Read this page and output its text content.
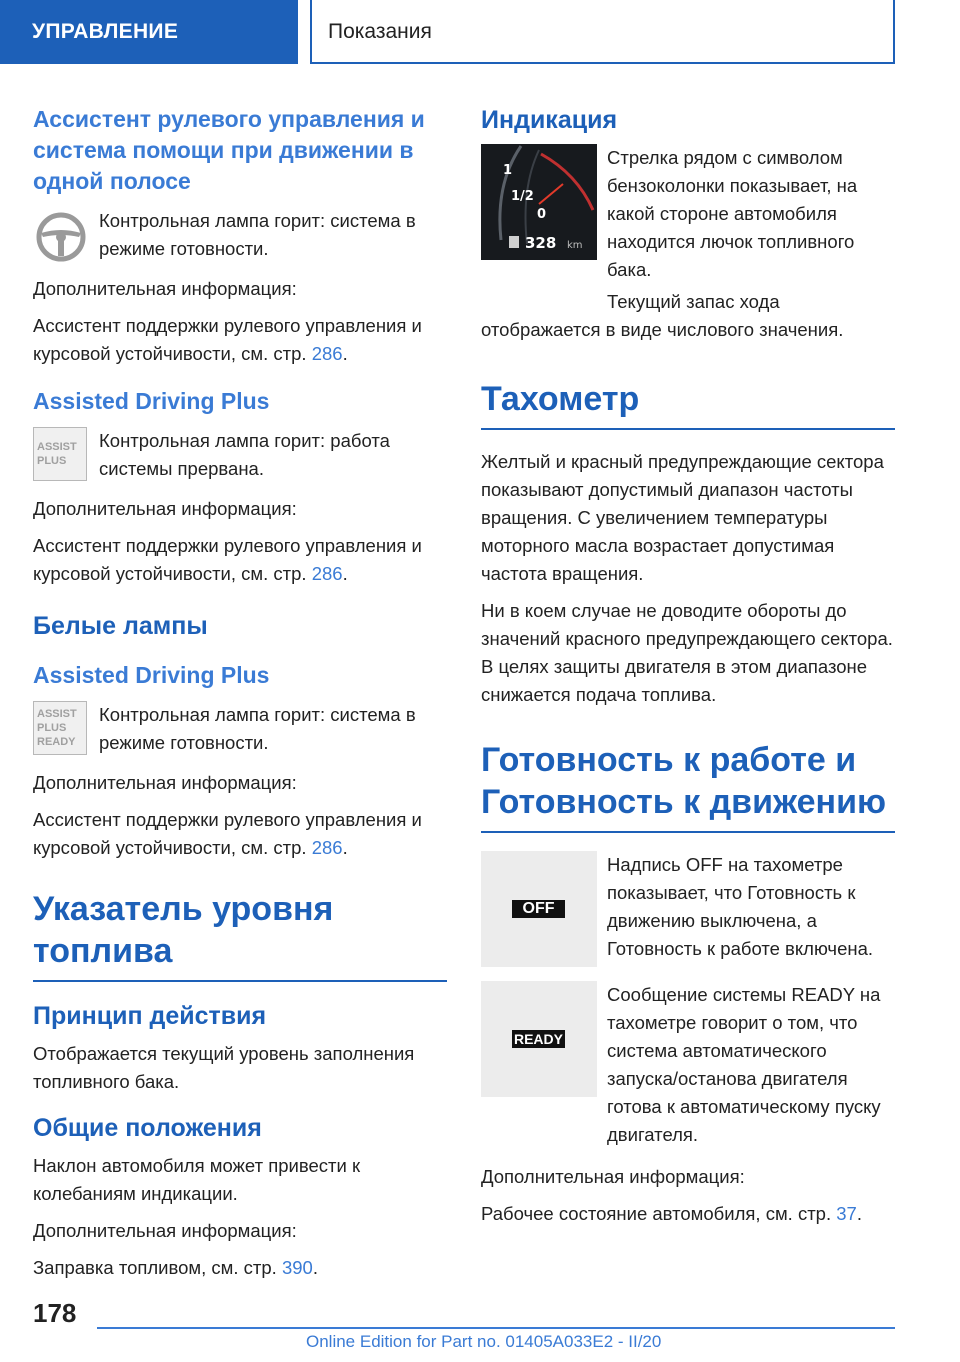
УПРАВЛЕНИЕ	Показания
Ассистент рулевого управления и система помощи при движении в одной полосе
Контрольная лампа горит: система в режиме готовности.

Дополнительная информация:

Ассистент поддержки рулевого управления и курсовой устойчивости, см. стр. 286.

Assisted Driving Plus
ASSIST
PLUS
Контрольная лампа горит: работа системы прервана.

Дополнительная информация:

Ассистент поддержки рулевого управления и курсовой устойчивости, см. стр. 286.

Белые лампы
Assisted Driving Plus
ASSIST
PLUS
READY
Контрольная лампа горит: система в режиме готовности.

Дополнительная информация:

Ассистент поддержки рулевого управления и курсовой устойчивости, см. стр. 286.

Указатель уровня топлива
Принцип действия

Отображается текущий уровень заполнения топливного бака.

Общие положения

Наклон автомобиля может привести к колебаниям индикации.

Дополнительная информация:

Заправка топливом, см. стр. 390.

Индикация
1
1/2
0
328 km
Стрелка рядом с символом бензоколонки показывает, на какой стороне автомобиля находится лючок топливного бака.

Текущий запас хода отображается в виде числового значения.

Тахометр

Желтый и красный предупреждающие сектора показывают допустимый диапазон частоты вращения. С увеличением температуры моторного масла возрастает допустимая частота вращения.

Ни в коем случае не доводите обороты до значений красного предупреждающего сектора. В целях защиты двигателя в этом диапазоне снижается подача топлива.

Готовность к работе и
Готовность к движению
OFF
Надпись OFF на тахометре показывает, что Готовность к движению выключена, а Готовность к работе включена.
READY
Сообщение системы READY на тахометре говорит о том, что система автоматического запуска/останова двигателя готова к автоматическому пуску двигателя.

Дополнительная информация:

Рабочее состояние автомобиля, см. стр. 37.

178
Online Edition for Part no. 01405A033E2 - II/20
